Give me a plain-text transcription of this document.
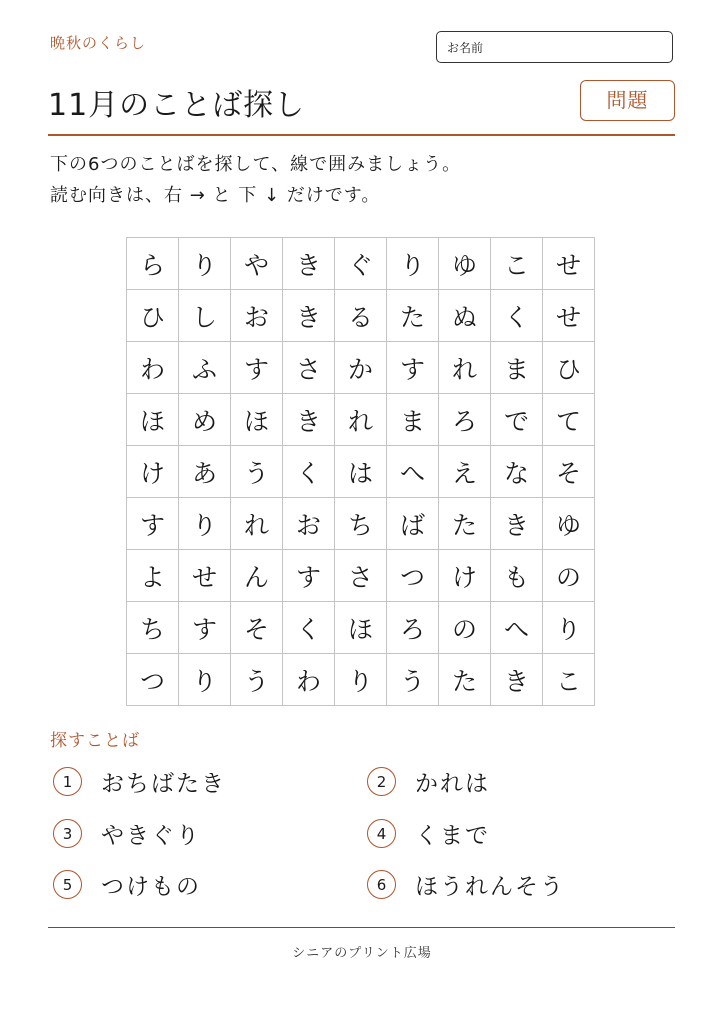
晩秋のくらし	お名前
11月のことば探し	問題
下の6つのことばを探して、線で囲みましょう。
読む向きは、右 → と 下 ↓ だけです。
ら	り	や	き	ぐ	り	ゆ	こ	せ
ひ	し	お	き	る	た	ぬ	く	せ
わ	ふ	す	さ	か	す	れ	ま	ひ
ほ	め	ほ	き	れ	ま	ろ	で	て
け	あ	う	く	は	へ	え	な	そ
す	り	れ	お	ち	ば	た	き	ゆ
よ	せ	ん	す	さ	つ	け	も	の
ち	す	そ	く	ほ	ろ	の	へ	り
つ	り	う	わ	り	う	た	き	こ
探すことば
1	おちばたき	2	かれは
3	やきぐり	4	くまで
5	つけもの	6	ほうれんそう
シニアのプリント広場
